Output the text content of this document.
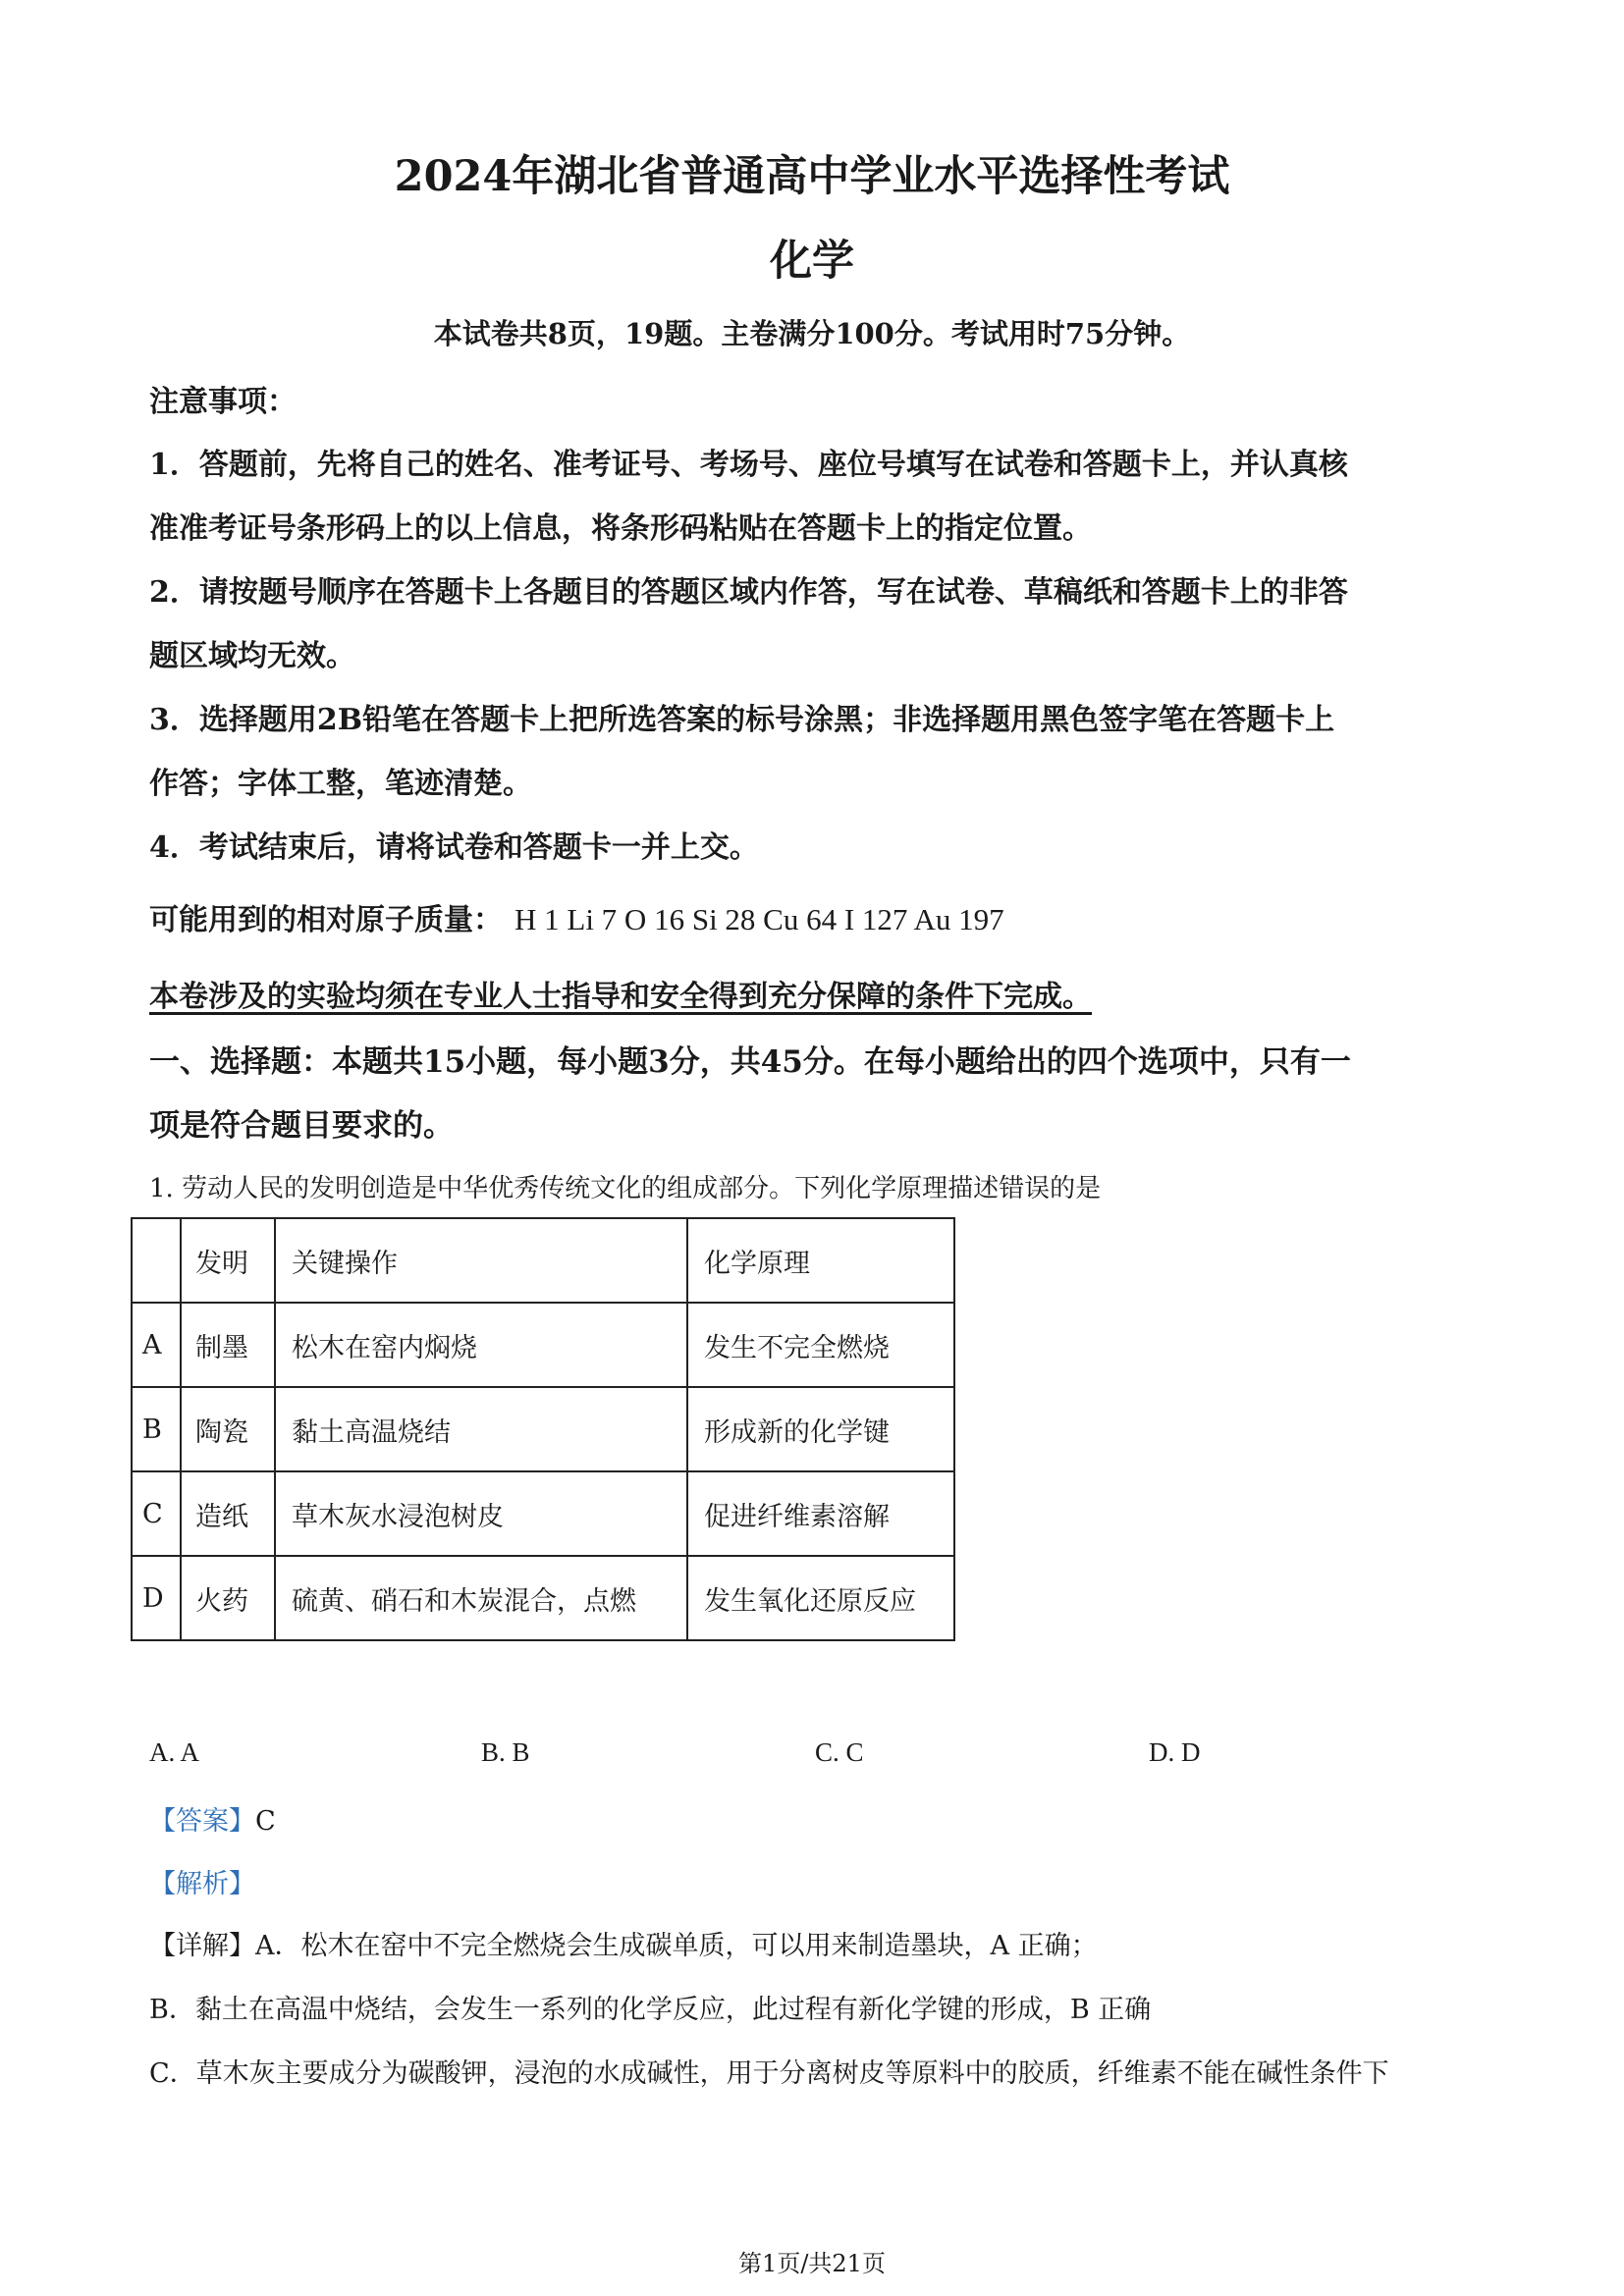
2024年湖北省普通高中学业水平选择性考试
化学
本试卷共8页，19题。主卷满分100分。考试用时75分钟。
注意事项：
1．答题前，先将自己的姓名、准考证号、考场号、座位号填写在试卷和答题卡上，并认真核
准准考证号条形码上的以上信息，将条形码粘贴在答题卡上的指定位置。
2．请按题号顺序在答题卡上各题目的答题区域内作答，写在试卷、草稿纸和答题卡上的非答
题区域均无效。
3．选择题用2B铅笔在答题卡上把所选答案的标号涂黑；非选择题用黑色签字笔在答题卡上
作答；字体工整，笔迹清楚。
4．考试结束后，请将试卷和答题卡一并上交。
可能用到的相对原子质量： H 1 Li 7 O 16 Si 28 Cu 64 I 127 Au 197
本卷涉及的实验均须在专业人士指导和安全得到充分保障的条件下完成。
一、选择题：本题共15小题，每小题3分，共45分。在每小题给出的四个选项中，只有一
项是符合题目要求的。
1. 劳动人民的发明创造是中华优秀传统文化的组成部分。下列化学原理描述错误的是
	发明	关键操作	化学原理
A	制墨	松木在窑内焖烧	发生不完全燃烧
B	陶瓷	黏土高温烧结	形成新的化学键
C	造纸	草木灰水浸泡树皮	促进纤维素溶解
D	火药	硫黄、硝石和木炭混合，点燃	发生氧化还原反应
A. A	B. B	C. C	D. D
【答案】C
【解析】
【详解】A．松木在窑中不完全燃烧会生成碳单质，可以用来制造墨块，A 正确；
B．黏土在高温中烧结，会发生一系列的化学反应，此过程有新化学键的形成，B 正确
C．草木灰主要成分为碳酸钾，浸泡的水成碱性，用于分离树皮等原料中的胶质，纤维素不能在碱性条件下
第1页/共21页
